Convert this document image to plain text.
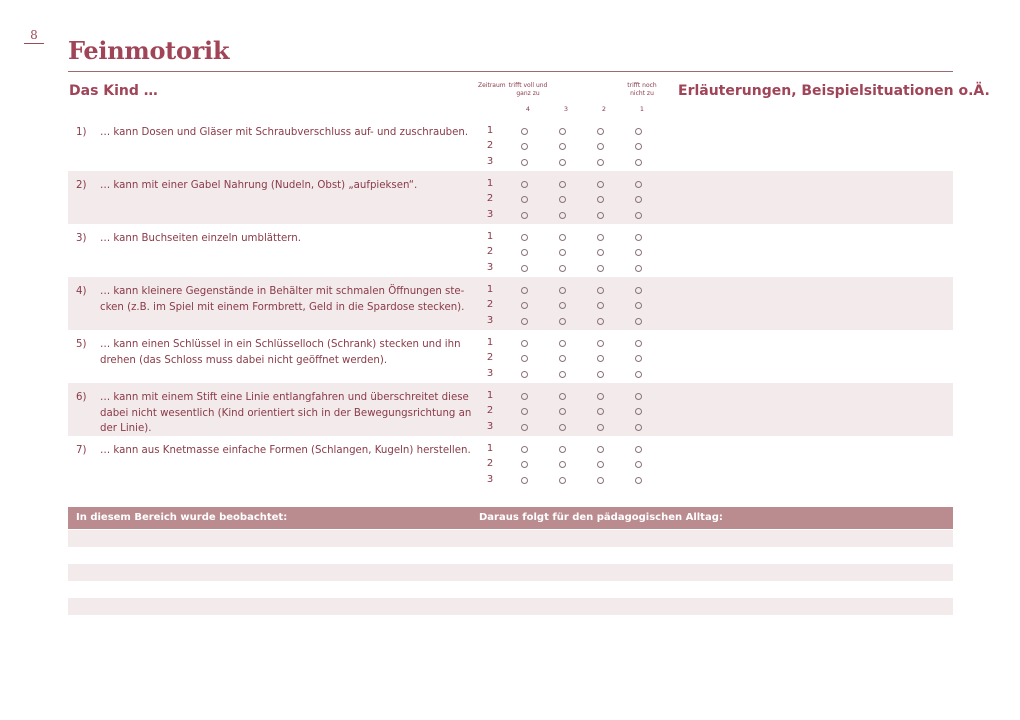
8
Feinmotorik
Das Kind …	Erläuterungen, Beispielsituationen o.Ä.
Zeitraum trifft voll und ganz zu
trifft noch nicht zu
4	3	2	1
1)	… kann Dosen und Gläser mit Schraubverschluss auf- und zuschrauben.	1
2
3
2)	… kann mit einer Gabel Nahrung (Nudeln, Obst) „aufpieksen“.	1
2
3
3)	… kann Buchseiten einzeln umblättern.	1
2
3
4)	… kann kleinere Gegenstände in Behälter mit schmalen Öffnungen ste-cken (z.B. im Spiel mit einem Formbrett, Geld in die Spardose stecken).
1
2
3
5)	… kann einen Schlüssel in ein Schlüsselloch (Schrank) stecken und ihn drehen (das Schloss muss dabei nicht geöffnet werden).
1
2
3
6)	… kann mit einem Stift eine Linie entlangfahren und überschreitet diese dabei nicht wesentlich (Kind orientiert sich in der Bewegungsrichtung an der Linie).
1
2
3
7)	… kann aus Knetmasse einfache Formen (Schlangen, Kugeln) herstellen.	1
2
3
In diesem Bereich wurde beobachtet:	Daraus folgt für den pädagogischen Alltag:
